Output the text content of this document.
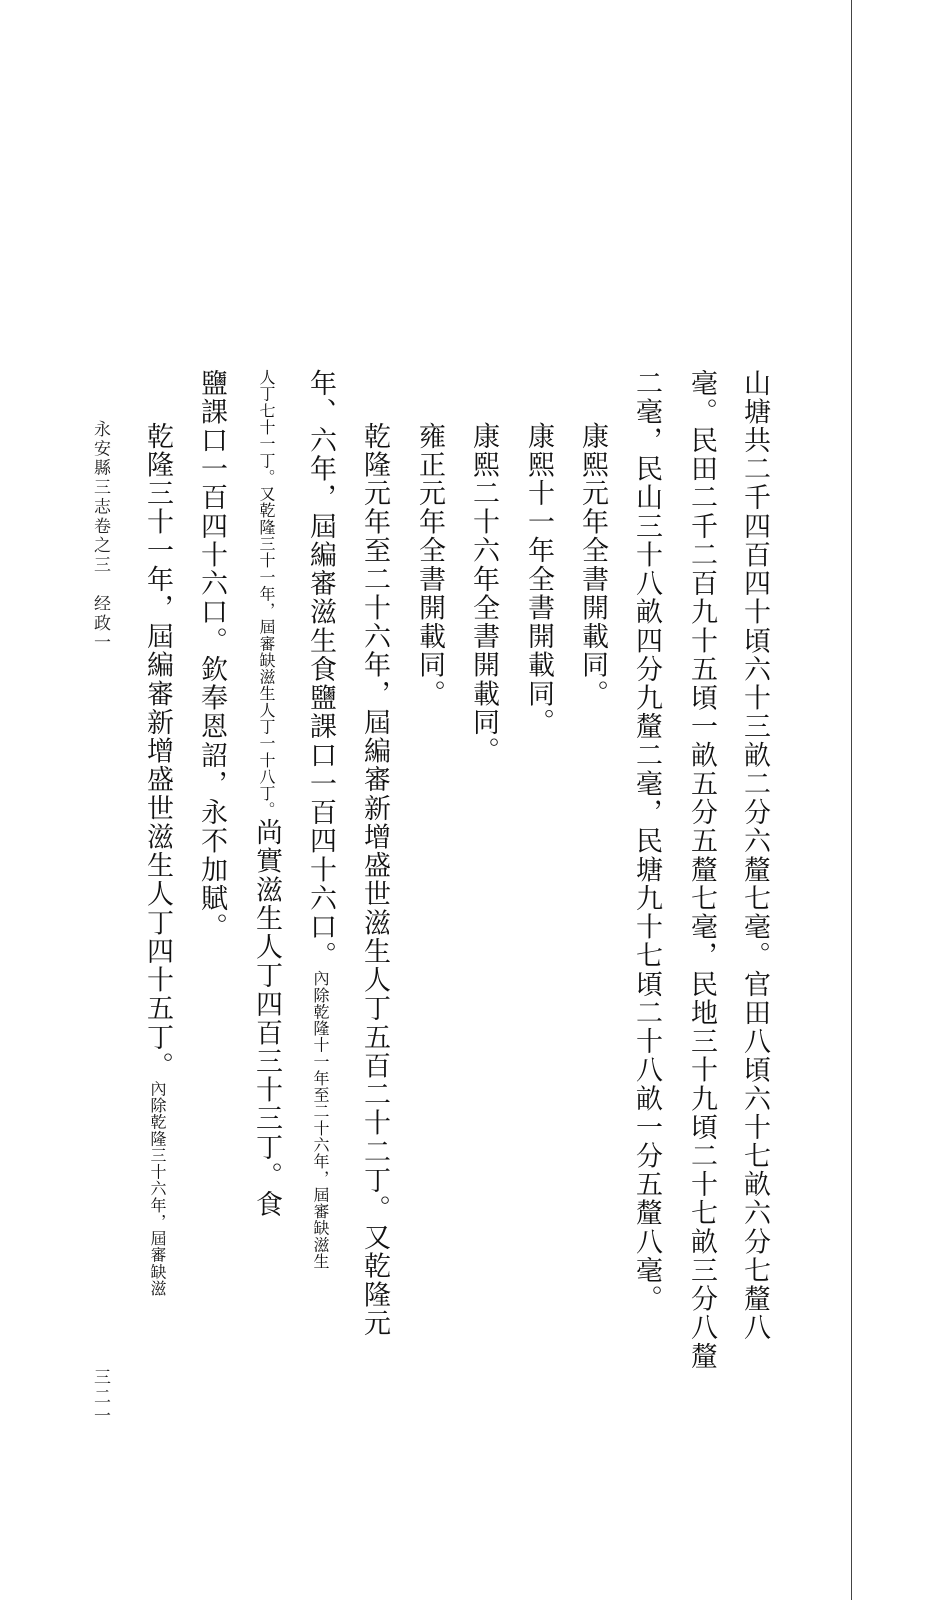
山塘共二千四百四十頃六十三畝二分六釐七毫。官田八頃六十七畝六分七釐八
毫。民田二千二百九十五頃一畝五分五釐七毫，民地三十九頃二十七畝三分八釐
二毫，民山三十八畝四分九釐二毫，民塘九十七頃二十八畝一分五釐八毫。
康熙元年全書開載同。
康熙十一年全書開載同。
康熙二十六年全書開載同。
雍正元年全書開載同。
乾隆元年至二十六年，屆編審新增盛世滋生人丁五百二十二丁。又乾隆元
年、六年，屆編審滋生食鹽課口一百四十六口。內除乾隆十一年至二十六年，屆審缺滋生
人丁七十一丁。又乾隆三十一年，屆審缺滋生人丁一十八丁。尚實滋生人丁四百三十三丁。食
鹽課口一百四十六口。欽奉恩詔，永不加賦。
乾隆三十一年，屆編審新增盛世滋生人丁四十五丁。內除乾隆三十六年，屆審缺滋
永安縣三志卷之三　经政一
三二一
